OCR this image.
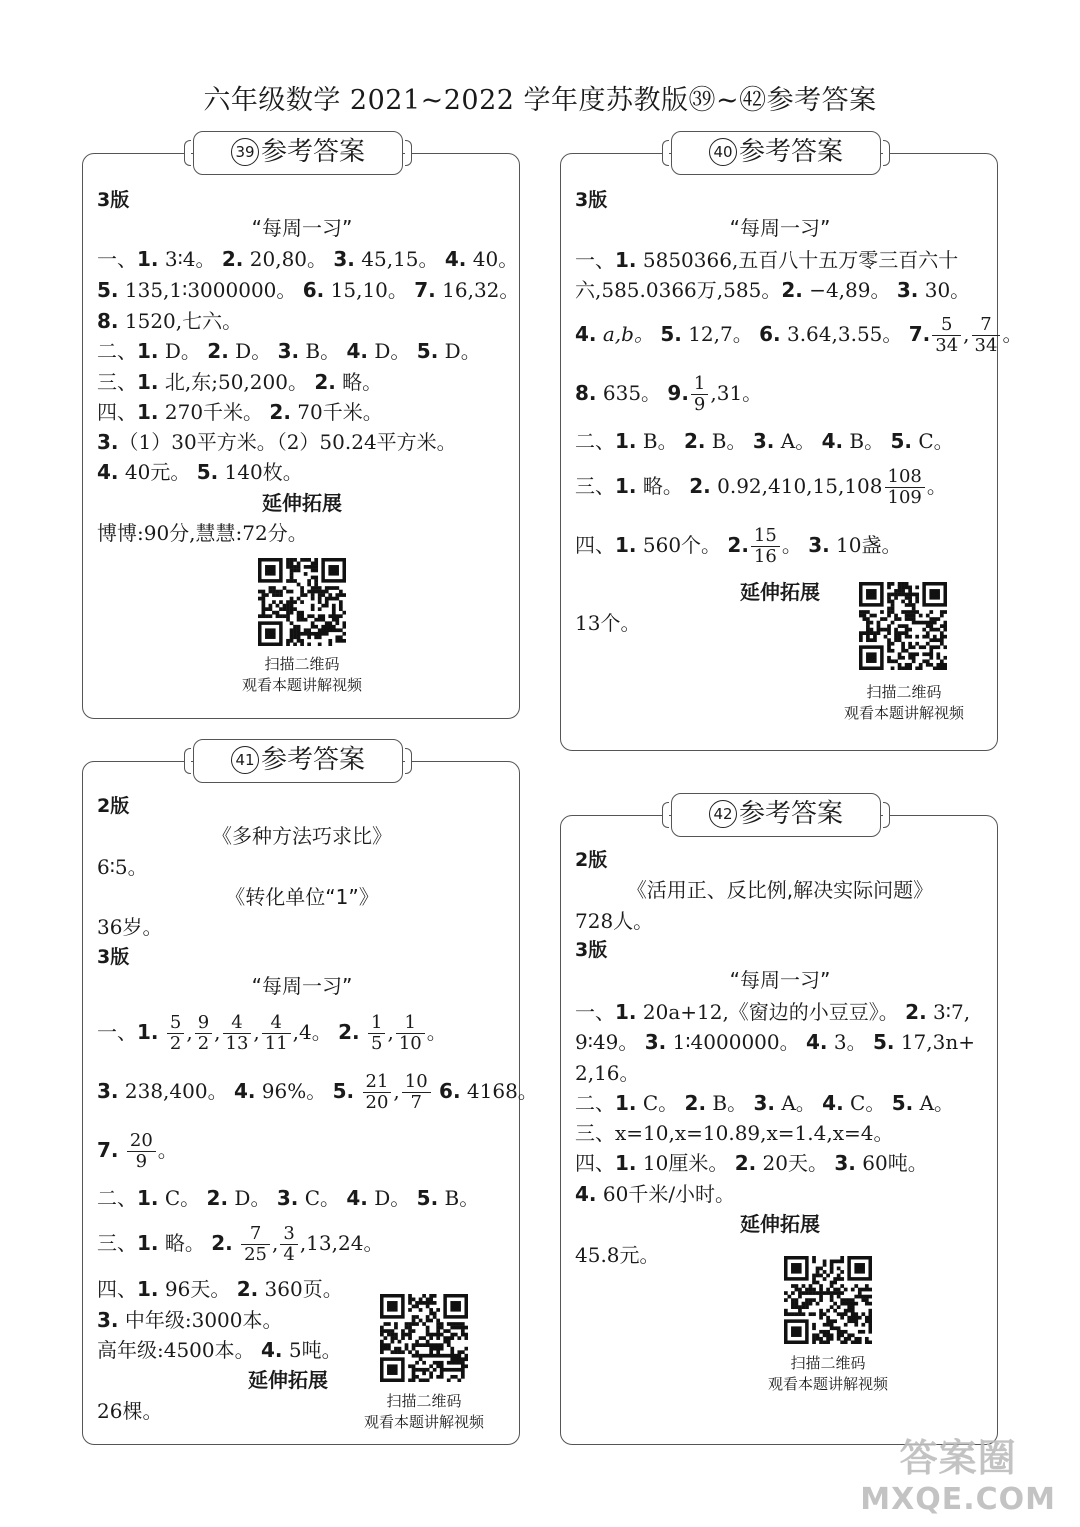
六年级数学 2021~2022 学年度苏教版㊴~㊷参考答案
39 参考答案
3版
“每周一习”
一、1. 3∶4。 2. 20,80。 3. 45,15。 4. 40。
5. 135,1∶3000000。 6. 15,10。 7. 16,32。
8. 1520,七六。
二、1. D。 2. D。 3. B。 4. D。 5. D。
三、1. 北,东;50,200。 2. 略。
四、1. 270千米。 2. 70千米。
3.（1）30平方米。（2）50.24平方米。
4. 40元。 5. 140枚。
延伸拓展
博博:90分,慧慧:72分。
扫描二维码
观看本题讲解视频
40 参考答案
3版
“每周一习”
一、1. 5850366,五百八十五万零三百六十
六,585.0366万,585。2. −4,89。 3. 30。
4. a,b。 5. 12,7。 6. 3.64,3.55。 7. $\frac{5}{34}$ , $\frac{7}{34}$ 。
8. 635。 9. $\frac{1}{9} ,31$。
二、1. B。 2. B。 3. A。 4. B。 5. C。
三、1. 略。 2. $0.92,410,15,108 \frac{108}{109}$ 。
四、1. 560个。 2. $\frac{15}{16}$ 。 3. 10盏。
延伸拓展
13个。
扫描二维码
观看本题讲解视频
41 参考答案
2版
《多种方法巧求比》
6∶5。
《转化单位“1”》
36岁。
3版
“每周一习”
一、1. $\frac{5}{2}$ , $\frac{9}{2}$ , $\frac{4}{13}$ , $\frac{4}{11} ,4$。 2. $\frac{1}{5}$ , $\frac{1}{10}$ 。
3. 238,400。 4. 96%。 5. $\frac{21}{20}$ , $\frac{10}{7} 6$. 4168。
7. $\frac{20}{9}$ 。
二、1. C。 2. D。 3. C。 4. D。 5. B。
三、1. 略。 2. $\frac{7}{25}$ , $\frac{3}{4} ,13,24$。
四、1. 96天。 2. 360页。
3. 中年级:3000本。
高年级:4500本。 4. 5吨。
延伸拓展
26棵。	扫描二维码
观看本题讲解视频
42 参考答案
2版
《活用正、反比例,解决实际问题》
728人。
3版
“每周一习”
一、1. 20a+12,《窗边的小豆豆》。 2. 3∶7,
9∶49。 3. 1∶4000000。 4. 3。 5. 17,3n+
2,16。
二、1. C。 2. B。 3. A。 4. C。 5. A。
三、x=10,x=10.89,x=1.4,x=4。
四、1. 10厘米。 2. 20天。 3. 60吨。
4. 60千米/小时。
延伸拓展
45.8元。
扫描二维码
观看本题讲解视频
答案圈
MXQE.COM
